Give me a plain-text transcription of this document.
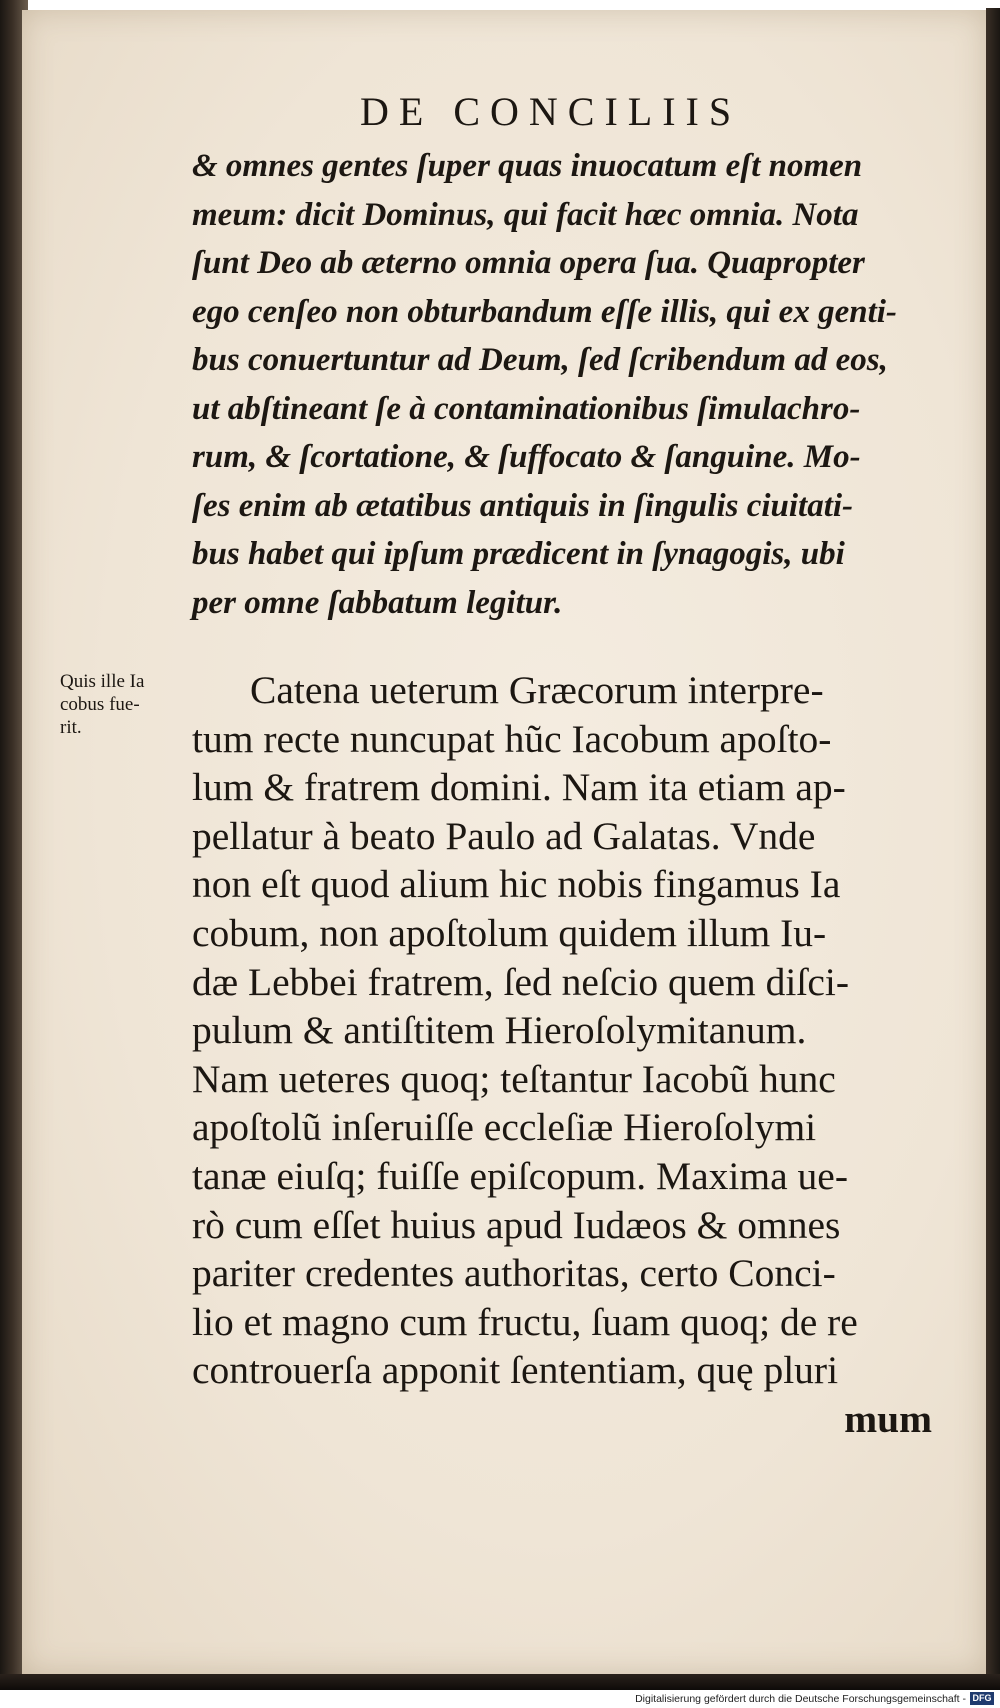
DE CONCILIIS
& omnes gentes ſuper quas inuocatum eſt nomen
meum: dicit Dominus, qui facit hæc omnia. Nota
ſunt Deo ab æterno omnia opera ſua. Quapropter
ego cenſeo non obturbandum eſſe illis, qui ex genti-
bus conuertuntur ad Deum, ſed ſcribendum ad eos,
ut abſtineant ſe à contaminationibus ſimulachro-
rum, & ſcortatione, & ſuffocato & ſanguine. Mo-
ſes enim ab ætatibus antiquis in ſingulis ciuitati-
bus habet qui ipſum prædicent in ſynagogis, ubi
per omne ſabbatum legitur.
Quis ille Ia
cobus fue-
rit.
Catena ueterum Græcorum interpre-
tum recte nuncupat hũc Iacobum apoſto-
lum & fratrem domini. Nam ita etiam ap-
pellatur à beato Paulo ad Galatas. Vnde
non eſt quod alium hic nobis fingamus Ia
cobum, non apoſtolum quidem illum Iu-
dæ Lebbei fratrem, ſed neſcio quem diſci-
pulum & antiſtitem Hieroſolymitanum.
Nam ueteres quoq; teſtantur Iacobũ hunc
apoſtolũ inſeruiſſe eccleſiæ Hieroſolymi
tanæ eiuſq; fuiſſe epiſcopum. Maxima ue-
rò cum eſſet huius apud Iudæos & omnes
pariter credentes authoritas, certo Conci-
lio et magno cum fructu, ſuam quoq; de re
controuerſa apponit ſententiam, quę pluri
mum
Digitalisierung gefördert durch die Deutsche Forschungsgemeinschaft - DFG
